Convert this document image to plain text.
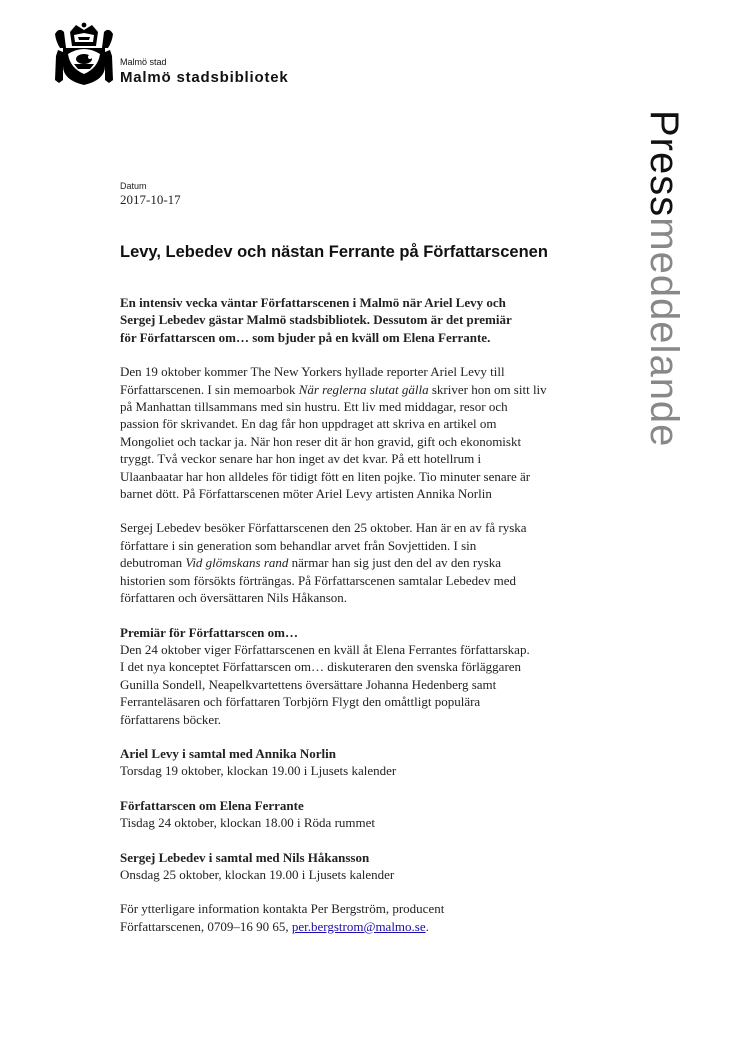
Malmö stad
Malmö stadsbibliotek
Pressmeddelande
Datum
2017-10-17
Levy, Lebedev och nästan Ferrante på Författarscenen

En intensiv vecka väntar Författarscenen i Malmö när Ariel Levy och
Sergej Lebedev gästar Malmö stadsbibliotek. Dessutom är det premiär
för Författarscen om… som bjuder på en kväll om Elena Ferrante.

Den 19 oktober kommer The New Yorkers hyllade reporter Ariel Levy till
Författarscenen. I sin memoarbok När reglerna slutat gälla skriver hon om sitt liv
på Manhattan tillsammans med sin hustru. Ett liv med middagar, resor och
passion för skrivandet. En dag får hon uppdraget att skriva en artikel om
Mongoliet och tackar ja. När hon reser dit är hon gravid, gift och ekonomiskt
tryggt. Två veckor senare har hon inget av det kvar. På ett hotellrum i
Ulaanbaatar har hon alldeles för tidigt fött en liten pojke. Tio minuter senare är
barnet dött. På Författarscenen möter Ariel Levy artisten Annika Norlin

Sergej Lebedev besöker Författarscenen den 25 oktober. Han är en av få ryska
författare i sin generation som behandlar arvet från Sovjettiden. I sin
debutroman Vid glömskans rand närmar han sig just den del av den ryska
historien som försökts förträngas. På Författarscenen samtalar Lebedev med
författaren och översättaren Nils Håkanson.

Premiär för Författarscen om…
Den 24 oktober viger Författarscenen en kväll åt Elena Ferrantes författarskap.
I det nya konceptet Författarscen om… diskuteraren den svenska förläggaren
Gunilla Sondell, Neapelkvartettens översättare Johanna Hedenberg samt
Ferranteläsaren och författaren Torbjörn Flygt den omåttligt populära
författarens böcker.

Ariel Levy i samtal med Annika Norlin
Torsdag 19 oktober, klockan 19.00 i Ljusets kalender

Författarscen om Elena Ferrante
Tisdag 24 oktober, klockan 18.00 i Röda rummet

Sergej Lebedev i samtal med Nils Håkansson
Onsdag 25 oktober, klockan 19.00 i Ljusets kalender

För ytterligare information kontakta Per Bergström, producent
Författarscenen, 0709–16 90 65, per.bergstrom@malmo.se.
